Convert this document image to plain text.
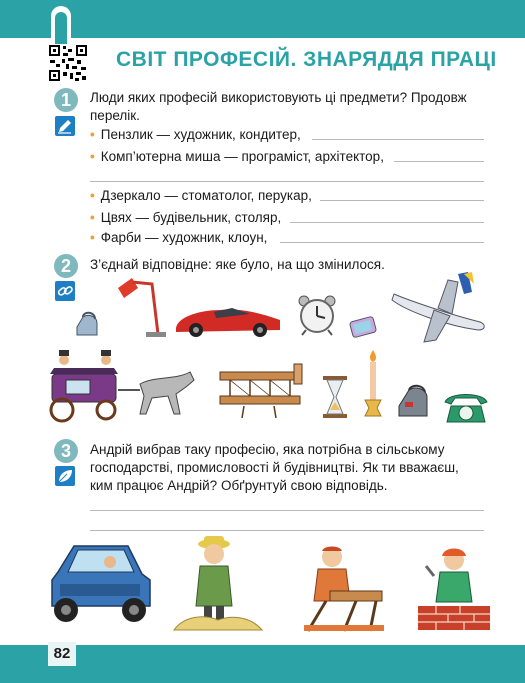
СВІТ ПРОФЕСІЙ. ЗНАРЯДДЯ ПРАЦІ
1	Люди яких професій використовують ці предмети? Продовж перелік.
• Пензлик — художник, кондитер,
• Комп’ютерна миша — програміст, архітектор,
• Дзеркало — стоматолог, перукар,
• Цвях — будівельник, столяр,
• Фарби — художник, клоун,
2	З’єднай відповідне: яке було, на що змінилося.
3	Андрій вибрав таку професію, яка потрібна в сільському господарстві, промисловості й будівництві. Як ти вважаєш, ким працює Андрій? Обґрунтуй свою відповідь.
82
